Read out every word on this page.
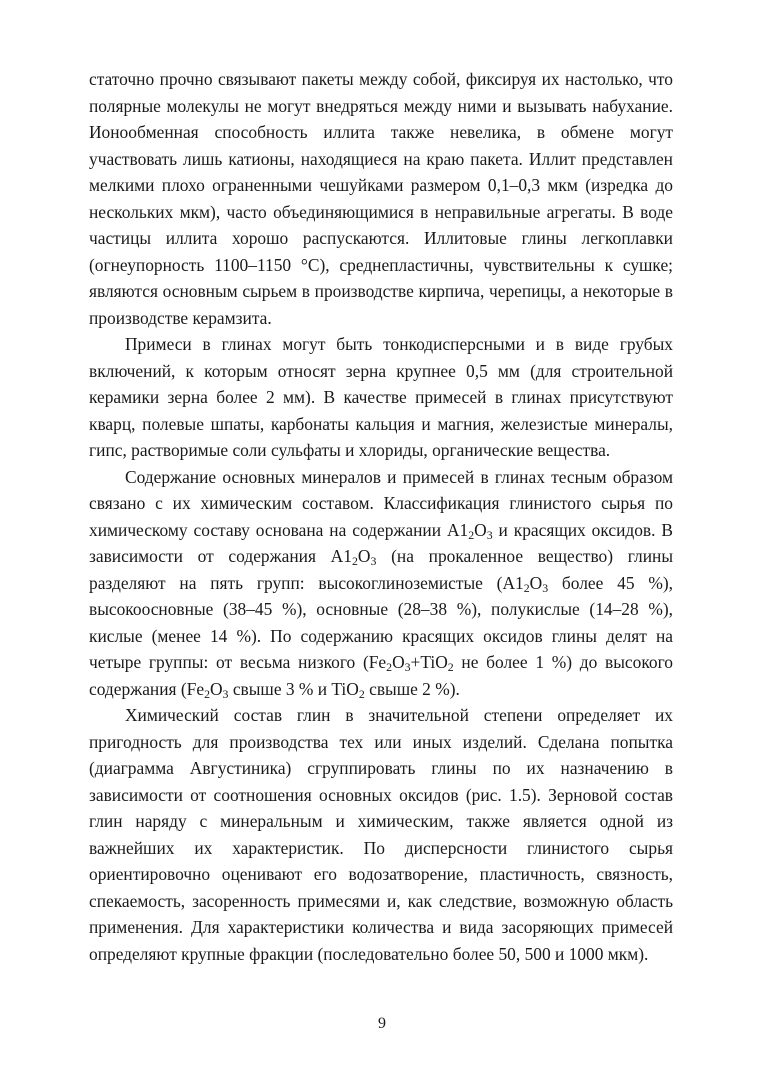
статочно прочно связывают пакеты между собой, фиксируя их настолько, что полярные молекулы не могут внедряться между ними и вызывать набухание. Ионообменная способность иллита также невелика, в обмене могут участвовать лишь катионы, находящиеся на краю пакета. Иллит представлен мелкими плохо ограненными чешуйками размером 0,1–0,3 мкм (изредка до нескольких мкм), часто объединяющимися в неправильные агрегаты. В воде частицы иллита хорошо распускаются. Иллитовые глины легкоплавки (огнеупорность 1100–1150 °С), среднепластичны, чувствительны к сушке; являются основным сырьем в производстве кирпича, черепицы, а некоторые в производстве керамзита.

Примеси в глинах могут быть тонкодисперсными и в виде грубых включений, к которым относят зерна крупнее 0,5 мм (для строительной керамики зерна более 2 мм). В качестве примесей в глинах присутствуют кварц, полевые шпаты, карбонаты кальция и магния, железистые минералы, гипс, растворимые соли сульфаты и хлориды, органические вещества.

Содержание основных минералов и примесей в глинах тесным образом связано с их химическим составом. Классификация глинистого сырья по химическому составу основана на содержании $А1_2О_3$ и красящих оксидов. В зависимости от содержания $А1_2О_3$ (на прокаленное вещество) глины разделяют на пять групп: высокоглиноземистые ($А1_2О_3$ более 45 %), высокоосновные (38–45 %), основные (28–38 %), полукислые (14–28 %), кислые (менее 14 %). По содержанию красящих оксидов глины делят на четыре группы: от весьма низкого ($Fe_2O_3+TiO_2$ не более 1 %) до высокого содержания ($Fe_2O_3$ свыше 3 % и TiO$_2$ свыше 2 %).

Химический состав глин в значительной степени определяет их пригодность для производства тех или иных изделий. Сделана попытка (диаграмма Августиника) сгруппировать глины по их назначению в зависимости от соотношения основных оксидов (рис. 1.5). Зерновой состав глин наряду с минеральным и химическим, также является одной из важнейших их характеристик. По дисперсности глинистого сырья ориентировочно оценивают его водозатворение, пластичность, связность, спекаемость, засоренность примесями и, как следствие, возможную область применения. Для характеристики количества и вида засоряющих примесей определяют крупные фракции (последовательно более 50, 500 и 1000 мкм).

9
